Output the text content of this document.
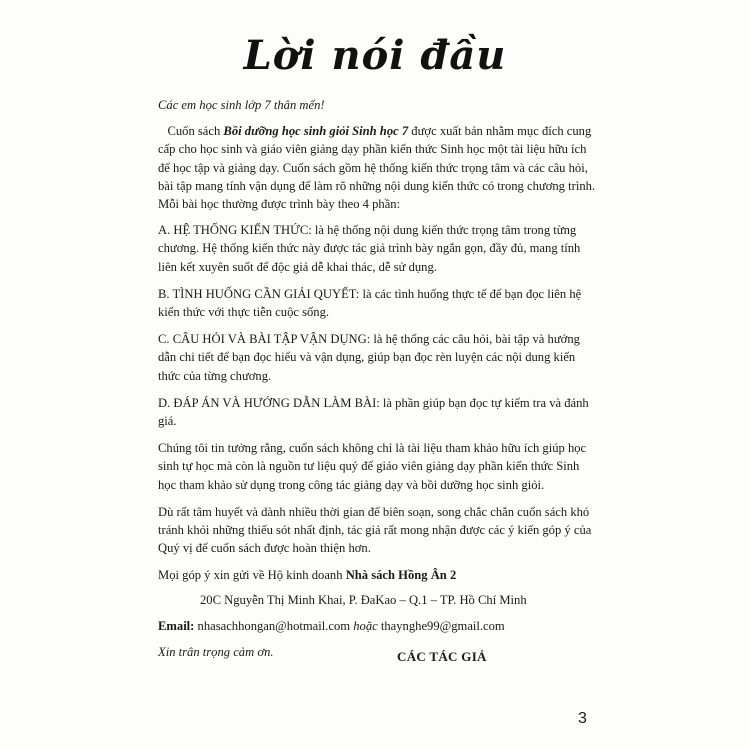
Lời nói đầu

Các em học sinh lớp 7 thân mến!

Cuốn sách Bồi dưỡng học sinh giỏi Sinh học 7 được xuất bản nhằm mục đích cung cấp cho học sinh và giáo viên giảng dạy phần kiến thức Sinh học một tài liệu hữu ích để học tập và giảng dạy. Cuốn sách gồm hệ thống kiến thức trọng tâm và các câu hỏi, bài tập mang tính vận dụng để làm rõ những nội dung kiến thức có trong chương trình. Mỗi bài học thường được trình bày theo 4 phần:

A. HỆ THỐNG KIẾN THỨC: là hệ thống nội dung kiến thức trọng tâm trong từng chương. Hệ thống kiến thức này được tác giả trình bày ngắn gọn, đầy đủ, mang tính liên kết xuyên suốt để độc giả dễ khai thác, dễ sử dụng.

B. TÌNH HUỐNG CẦN GIẢI QUYẾT: là các tình huống thực tế để bạn đọc liên hệ kiến thức với thực tiễn cuộc sống.

C. CÂU HỎI VÀ BÀI TẬP VẬN DỤNG: là hệ thống các câu hỏi, bài tập và hướng dẫn chi tiết để bạn đọc hiểu và vận dụng, giúp bạn đọc rèn luyện các nội dung kiến thức của từng chương.

D. ĐÁP ÁN VÀ HƯỚNG DẪN LÀM BÀI: là phần giúp bạn đọc tự kiểm tra và đánh giá.

Chúng tôi tin tưởng rằng, cuốn sách không chỉ là tài liệu tham khảo hữu ích giúp học sinh tự học mà còn là nguồn tư liệu quý để giáo viên giảng dạy phần kiến thức Sinh học tham khảo sử dụng trong công tác giảng dạy và bồi dưỡng học sinh giỏi.

Dù rất tâm huyết và dành nhiều thời gian để biên soạn, song chắc chắn cuốn sách khó tránh khỏi những thiếu sót nhất định, tác giả rất mong nhận được các ý kiến góp ý của Quý vị để cuốn sách được hoàn thiện hơn.

Mọi góp ý xin gửi về Hộ kinh doanh Nhà sách Hồng Ân 2

20C Nguyễn Thị Minh Khai, P. ĐaKao – Q.1 – TP. Hồ Chí Minh

Email: nhasachhongan@hotmail.com hoặc thaynghe99@gmail.com

Xin trân trọng cảm ơn.	CÁC TÁC GIẢ
3
